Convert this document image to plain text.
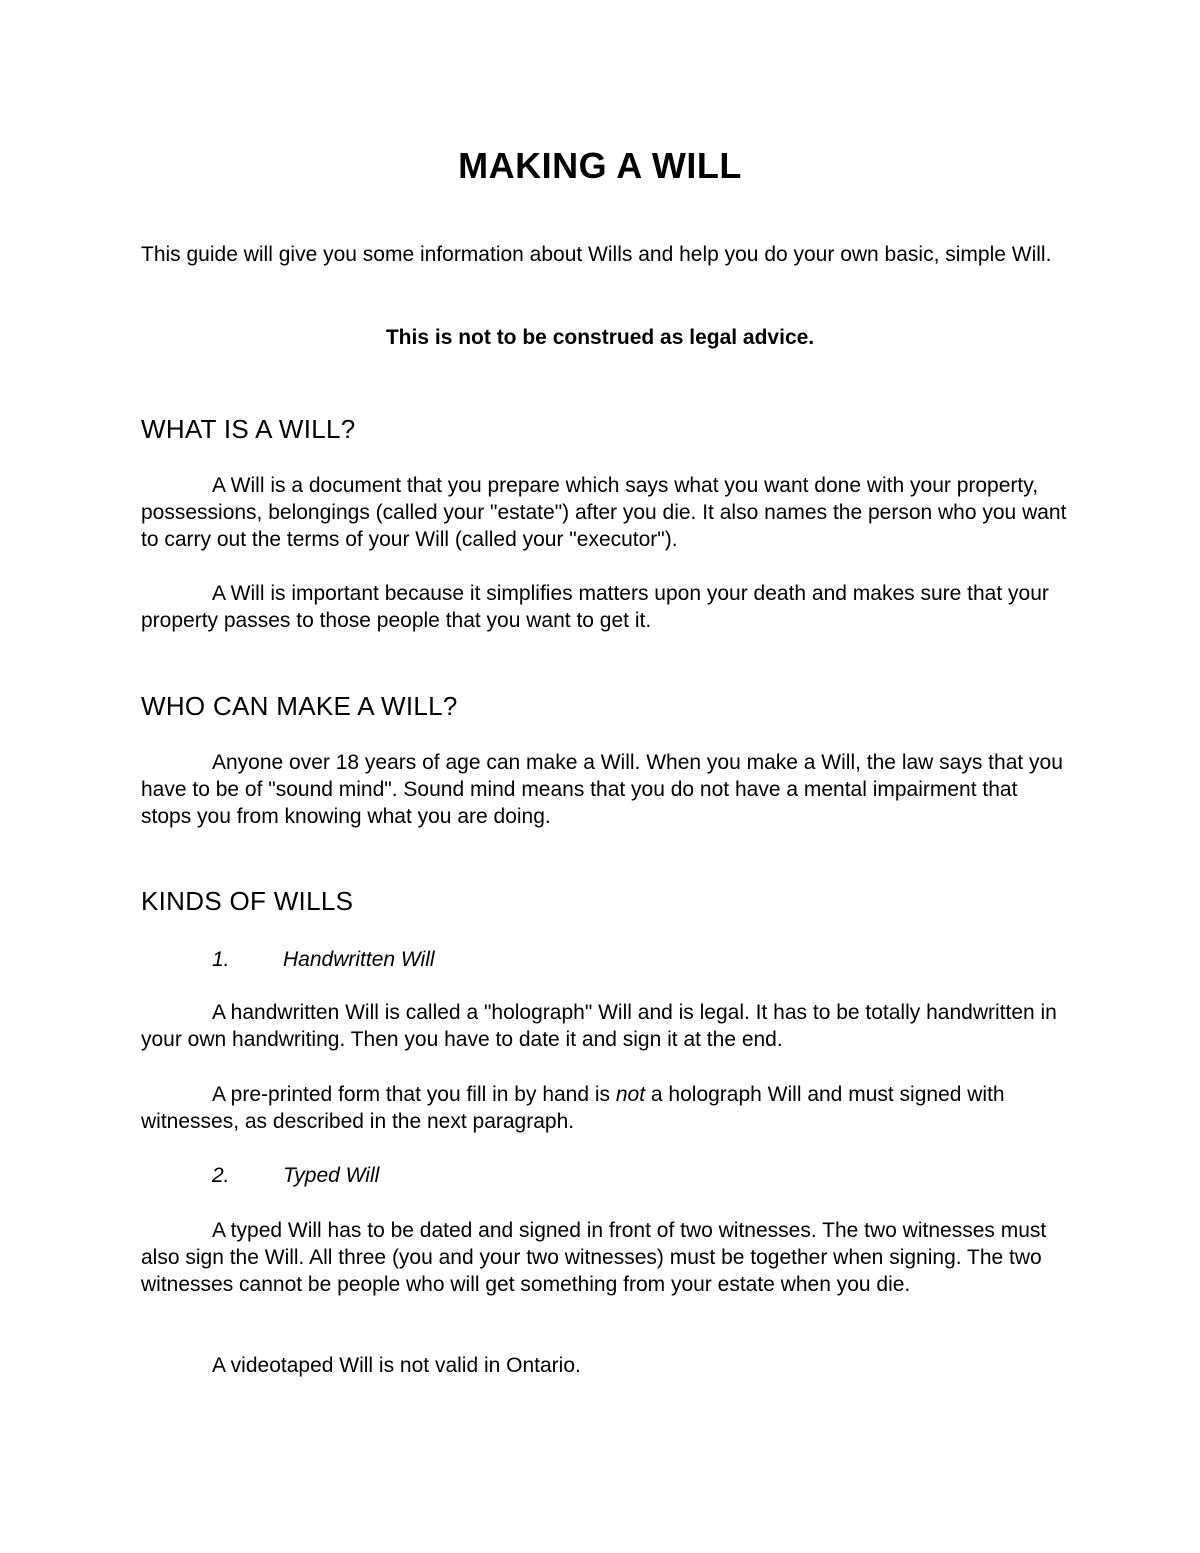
MAKING A WILL

This guide will give you some information about Wills and help you do your own basic, simple Will.

This is not to be construed as legal advice.
WHAT IS A WILL?

A Will is a document that you prepare which says what you want done with your property, possessions, belongings (called your "estate") after you die. It also names the person who you want to carry out the terms of your Will (called your "executor").

A Will is important because it simplifies matters upon your death and makes sure that your property passes to those people that you want to get it.

WHO CAN MAKE A WILL?

Anyone over 18 years of age can make a Will. When you make a Will, the law says that you have to be of "sound mind". Sound mind means that you do not have a mental impairment that stops you from knowing what you are doing.

KINDS OF WILLS
1.	Handwritten Will

A handwritten Will is called a "holograph" Will and is legal. It has to be totally handwritten in your own handwriting. Then you have to date it and sign it at the end.

A pre-printed form that you fill in by hand is not a holograph Will and must signed with witnesses, as described in the next paragraph.

2.	Typed Will

A typed Will has to be dated and signed in front of two witnesses. The two witnesses must also sign the Will. All three (you and your two witnesses) must be together when signing. The two witnesses cannot be people who will get something from your estate when you die.

A videotaped Will is not valid in Ontario.
